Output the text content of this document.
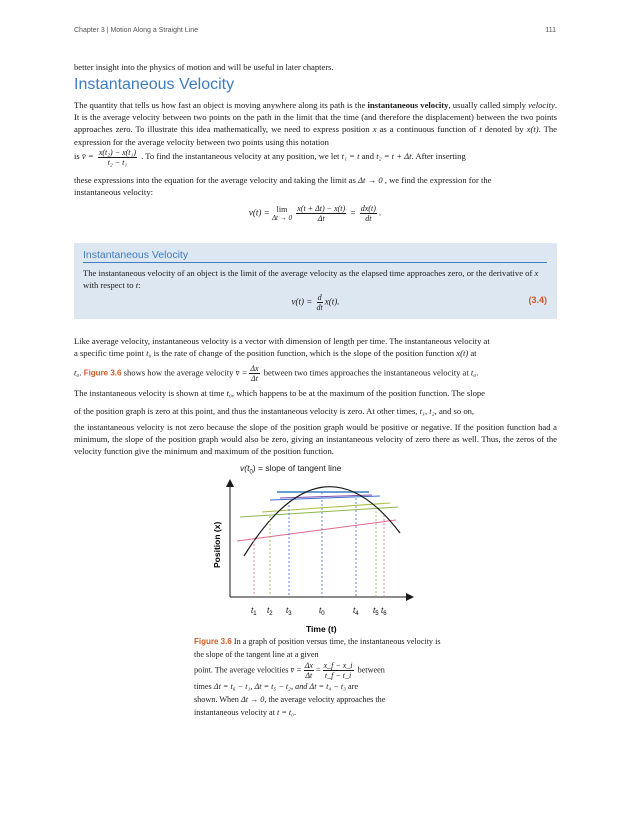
Chapter 3 | Motion Along a Straight Line	111
better insight into the physics of motion and will be useful in later chapters.
Instantaneous Velocity
The quantity that tells us how fast an object is moving anywhere along its path is the instantaneous velocity, usually called simply velocity. It is the average velocity between two points on the path in the limit that the time (and therefore the displacement) between the two points approaches zero. To illustrate this idea mathematically, we need to express position x as a continuous function of t denoted by x(t). The expression for the average velocity between two points using this notation
is v̄ = $\frac{\text{x(t₂) − x(t₁)}}{\text{t₂ − t₁}}$ . To find the instantaneous velocity at any position, we let t₁ = t and t₂ = t + Δt. After inserting
these expressions into the equation for the average velocity and taking the limit as Δt → 0 , we find the expression for the
instantaneous velocity:
v(t) = lim
Δt → 0
$\frac{x(t + \Delta t) - x(t)}{\Delta t} = \frac{dx(t)}{dt}$ .
Instantaneous Velocity
The instantaneous velocity of an object is the limit of the average velocity as the elapsed time approaches zero, or the derivative of x with respect to t:
$v(t) = \frac{d}{dt} x(t)$.	(3.4)
Like average velocity, instantaneous velocity is a vector with dimension of length per time. The instantaneous velocity at
a specific time point t₀ is the rate of change of the position function, which is the slope of the position function x(t) at
t₀. Figure 3.6 shows how the average velocity v̄ = $\frac{\Delta x}{\Delta t}$ between two times approaches the instantaneous velocity at t₀.
The instantaneous velocity is shown at time t₀, which happens to be at the maximum of the position function. The slope
of the position graph is zero at this point, and thus the instantaneous velocity is zero. At other times, t₁, t₂, and so on,
the instantaneous velocity is not zero because the slope of the position graph would be positive or negative. If the position function had a minimum, the slope of the position graph would also be zero, giving an instantaneous velocity of zero there as well. Thus, the zeros of the velocity function give the minimum and maximum of the position function.
$v(t_0)$ = slope of tangent line
$t_1$ $t_2$ $t_3$	$t_0$	$t_4$ $t_5$ $t_6$
Position (x)
Time (t)
Figure 3.6 In a graph of position versus time, the instantaneous velocity is the slope of the tangent line at a given
point. The average velocities v̄ = $\frac{\Delta x}{\Delta t} = \frac{x\_f - x\_i}{t\_f - t\_i}$ between
times Δt = t₆ − t₁, Δt = t₅ − t₂, and Δt = t₄ − t₃ are
shown. When Δt → 0, the average velocity approaches the
instantaneous velocity at t = t₀.
